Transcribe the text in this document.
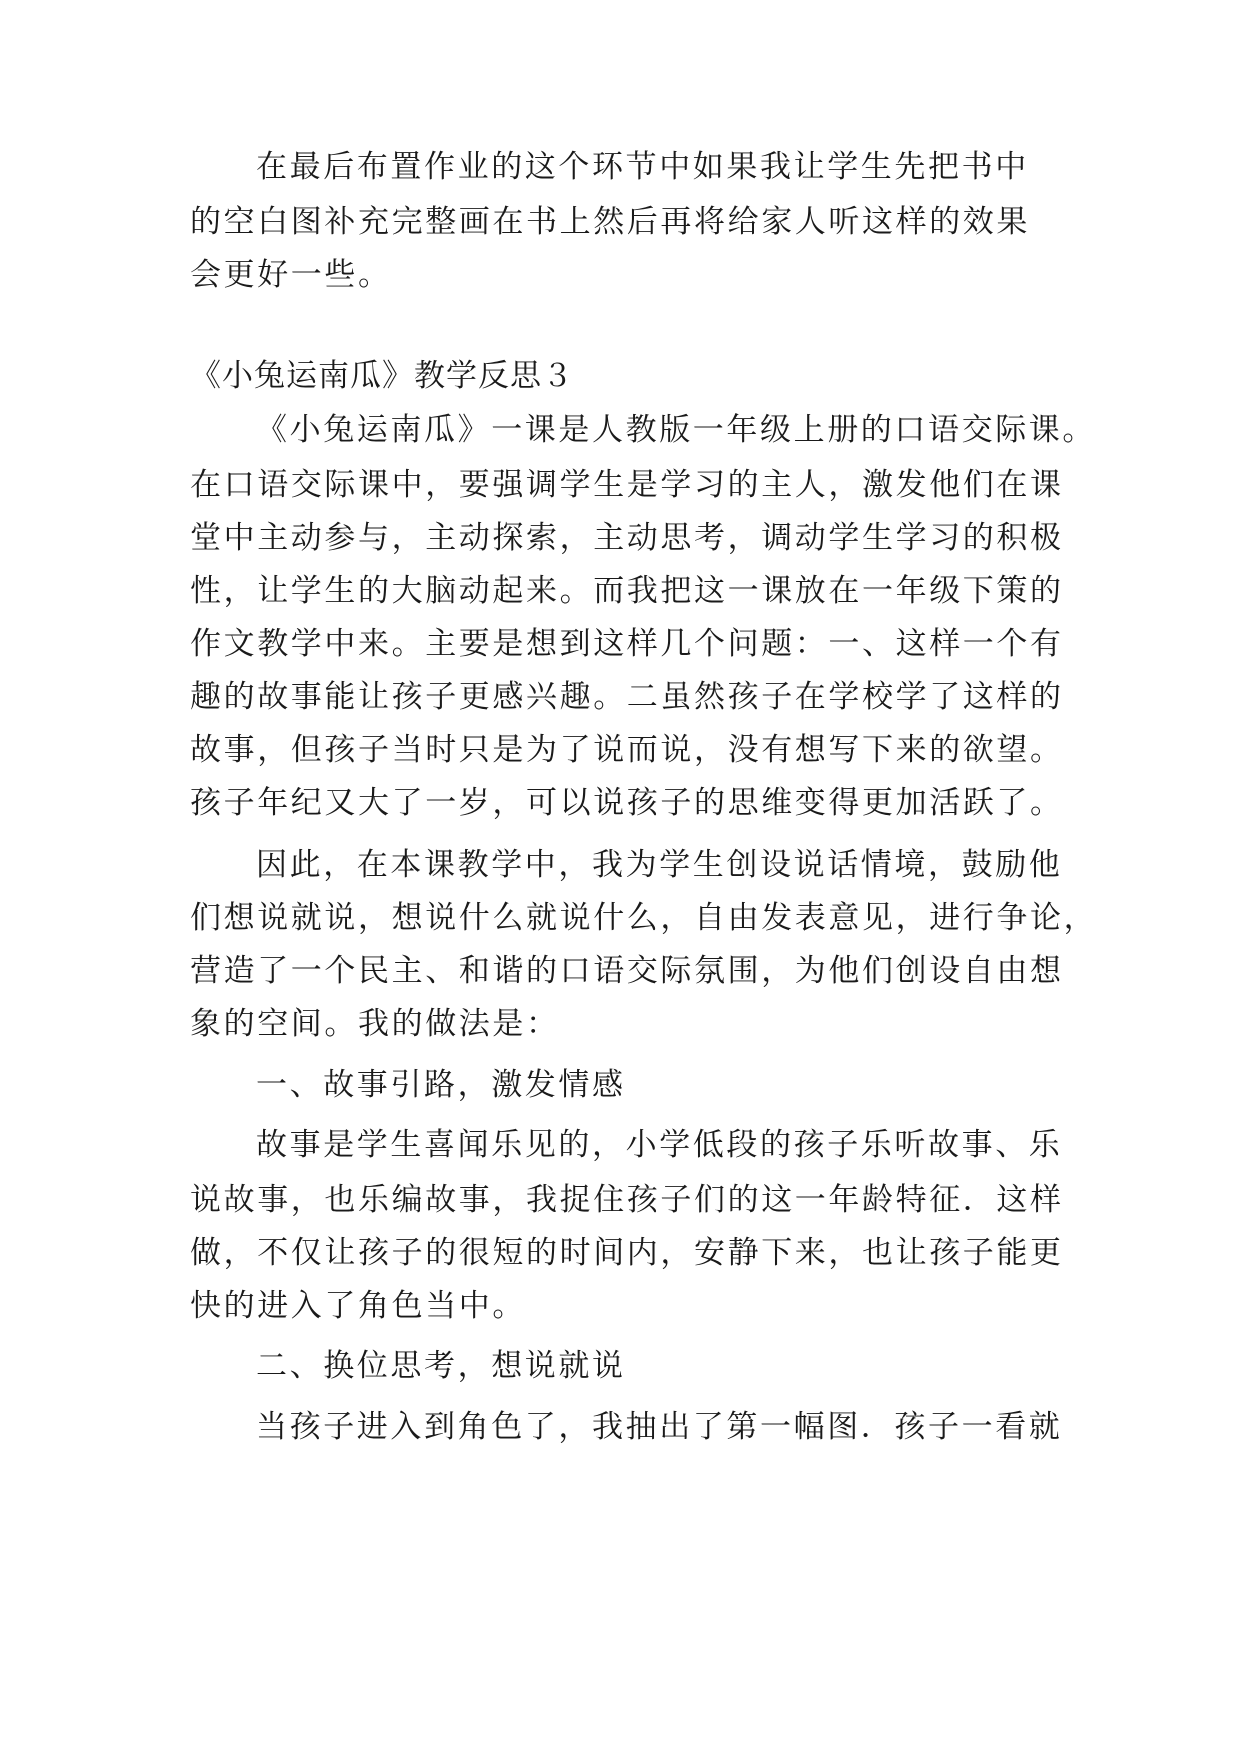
在最后布置作业的这个环节中如果我让学生先把书中
的空白图补充完整画在书上然后再将给家人听这样的效果
会更好一些。
《小兔运南瓜》教学反思３
《小兔运南瓜》一课是人教版一年级上册的口语交际课。
在口语交际课中，要强调学生是学习的主人，激发他们在课
堂中主动参与，主动探索，主动思考，调动学生学习的积极
性，让学生的大脑动起来。而我把这一课放在一年级下策的
作文教学中来。主要是想到这样几个问题：一、这样一个有
趣的故事能让孩子更感兴趣。二虽然孩子在学校学了这样的
故事，但孩子当时只是为了说而说，没有想写下来的欲望。
孩子年纪又大了一岁，可以说孩子的思维变得更加活跃了。
因此，在本课教学中，我为学生创设说话情境，鼓励他
们想说就说，想说什么就说什么，自由发表意见，进行争论，
营造了一个民主、和谐的口语交际氛围，为他们创设自由想
象的空间。我的做法是：
一、故事引路，激发情感
故事是学生喜闻乐见的，小学低段的孩子乐听故事、乐
说故事，也乐编故事，我捉住孩子们的这一年龄特征．这样
做，不仅让孩子的很短的时间内，安静下来，也让孩子能更
快的进入了角色当中。
二、换位思考，想说就说
当孩子进入到角色了，我抽出了第一幅图．孩子一看就
